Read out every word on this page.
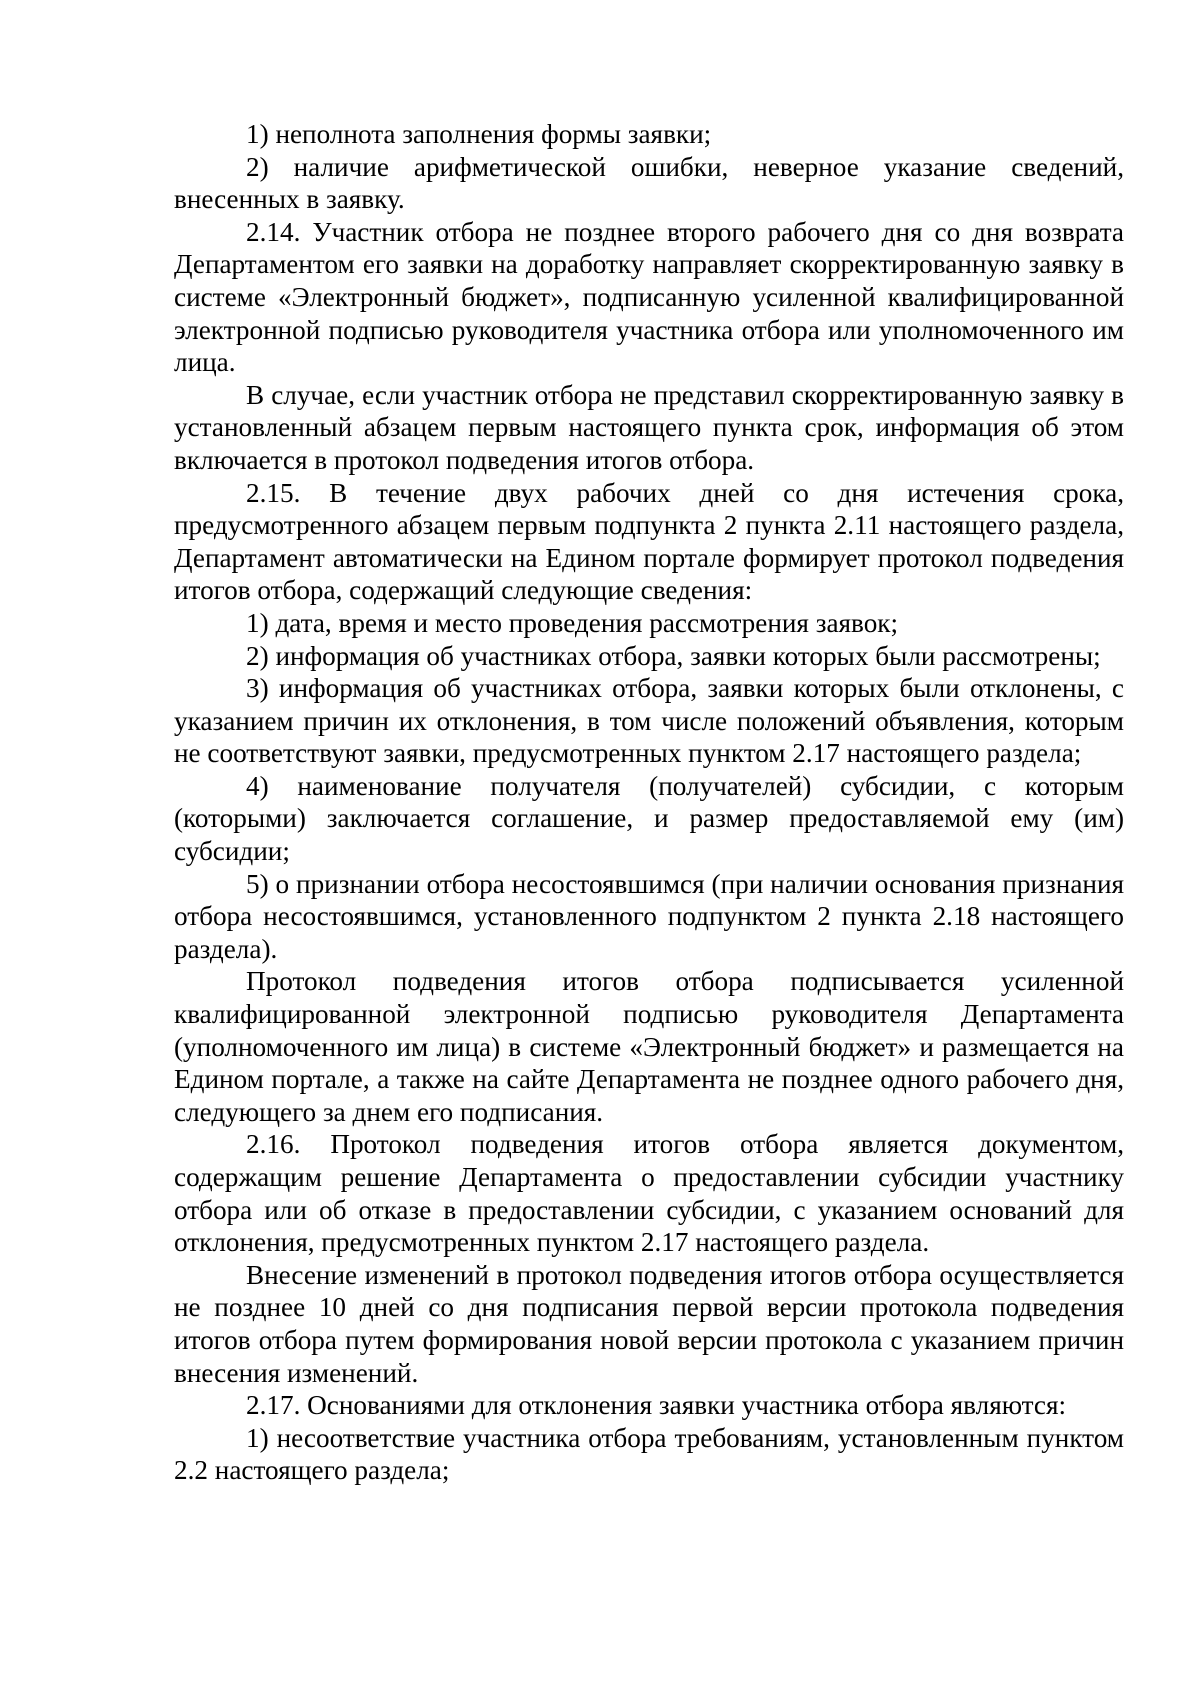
1) неполнота заполнения формы заявки;

2) наличие арифметической ошибки, неверное указание сведений, внесенных в заявку.

2.14. Участник отбора не позднее второго рабочего дня со дня возврата Департаментом его заявки на доработку направляет скорректированную заявку в системе «Электронный бюджет», подписанную усиленной квалифицированной электронной подписью руководителя участника отбора или уполномоченного им лица.

В случае, если участник отбора не представил скорректированную заявку в установленный абзацем первым настоящего пункта срок, информация об этом включается в протокол подведения итогов отбора.

2.15. В течение двух рабочих дней со дня истечения срока, предусмотренного абзацем первым подпункта 2 пункта 2.11 настоящего раздела, Департамент автоматически на Едином портале формирует протокол подведения итогов отбора, содержащий следующие сведения:

1) дата, время и место проведения рассмотрения заявок;

2) информация об участниках отбора, заявки которых были рассмотрены;

3) информация об участниках отбора, заявки которых были отклонены, с указанием причин их отклонения, в том числе положений объявления, которым не соответствуют заявки, предусмотренных пунктом 2.17 настоящего раздела;

4) наименование получателя (получателей) субсидии, с которым (которыми) заключается соглашение, и размер предоставляемой ему (им) субсидии;

5) о признании отбора несостоявшимся (при наличии основания признания отбора несостоявшимся, установленного подпунктом 2 пункта 2.18 настоящего раздела).

Протокол подведения итогов отбора подписывается усиленной квалифицированной электронной подписью руководителя Департамента (уполномоченного им лица) в системе «Электронный бюджет» и размещается на Едином портале, а также на сайте Департамента не позднее одного рабочего дня, следующего за днем его подписания.

2.16. Протокол подведения итогов отбора является документом, содержащим решение Департамента о предоставлении субсидии участнику отбора или об отказе в предоставлении субсидии, с указанием оснований для отклонения, предусмотренных пунктом 2.17 настоящего раздела.

Внесение изменений в протокол подведения итогов отбора осуществляется не позднее 10 дней со дня подписания первой версии протокола подведения итогов отбора путем формирования новой версии протокола с указанием причин внесения изменений.

2.17. Основаниями для отклонения заявки участника отбора являются:

1) несоответствие участника отбора требованиям, установленным пунктом 2.2 настоящего раздела;
